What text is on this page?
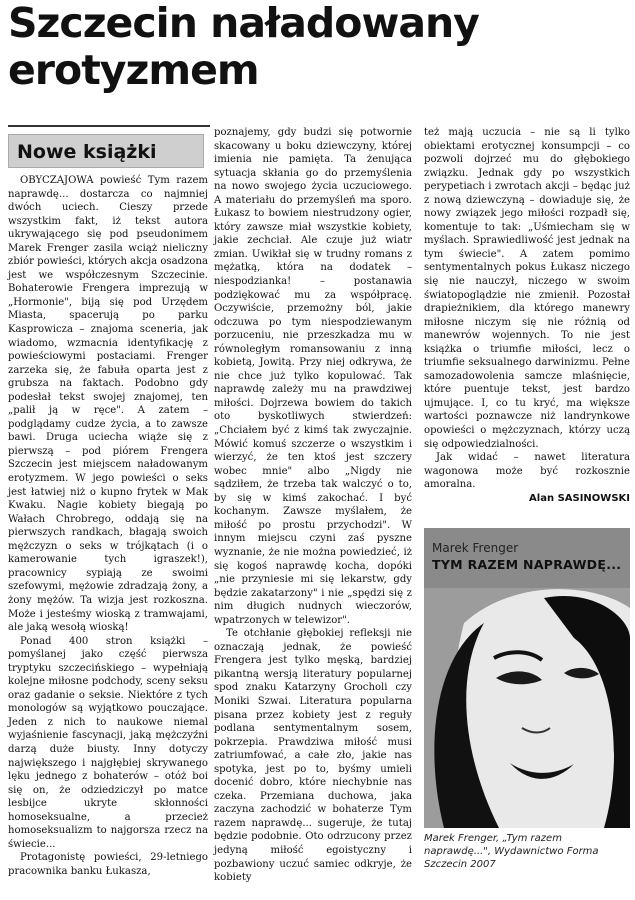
Szczecin naładowany erotyzmem
Nowe książki

OBYCZAJOWA powieść Tym razem naprawdę... dostarcza co najmniej dwóch uciech. Cieszy przede wszystkim fakt, iż tekst autora ukrywającego się pod pseudonimem Marek Frenger zasila wciąż nieliczny zbiór powieści, których akcja osadzona jest we współczesnym Szczecinie. Bohaterowie Frengera imprezują w „Hormonie", biją się pod Urzędem Miasta, spacerują po parku Kasprowicza – znajoma sceneria, jak wiadomo, wzmacnia identyfikację z powieściowymi postaciami. Frenger zarzeka się, że fabuła oparta jest z grubsza na faktach. Podobno gdy podesłał tekst swojej znajomej, ten „palił ją w ręce". A zatem – podglądamy cudze życia, a to zawsze bawi. Druga uciecha wiąże się z pierwszą – pod piórem Frengera Szczecin jest miejscem naładowanym erotyzmem. W jego powieści o seks jest łatwiej niż o kupno frytek w Mak Kwaku. Nagie kobiety biegają po Wałach Chrobrego, oddają się na pierwszych randkach, błagają swoich mężczyzn o seks w trójkątach (i o kamerowanie tych igraszek!), pracownicy sypiają ze swoimi szefowymi, mężowie zdradzają żony, a żony mężów. Ta wizja jest rozkoszna. Może i jesteśmy wioską z tramwajami, ale jaką wesołą wioską!

Ponad 400 stron książki – pomyślanej jako część pierwsza tryptyku szczecińskiego – wypełniają kolejne miłosne podchody, sceny seksu oraz gadanie o seksie. Niektóre z tych monologów są wyjątkowo pouczające. Jeden z nich to naukowe niemal wyjaśnienie fascynacji, jaką mężczyźni darzą duże biusty. Inny dotyczy największego i najgłębiej skrywanego lęku jednego z bohaterów – otóż boi się on, że odziedziczył po matce lesbijce ukryte skłonności homoseksualne, a przecież homoseksualizm to najgorsza rzecz na świecie...

Protagonistę powieści, 29-letniego pracownika banku Łukasza,

poznajemy, gdy budzi się potwornie skacowany u boku dziewczyny, której imienia nie pamięta. Ta żenująca sytuacja skłania go do przemyślenia na nowo swojego życia uczuciowego. A materiału do przemyśleń ma sporo. Łukasz to bowiem niestrudzony ogier, który zawsze miał wszystkie kobiety, jakie zechciał. Ale czuje już wiatr zmian. Uwikłał się w trudny romans z mężatką, która na dodatek – niespodzianka! – postanawia podziękować mu za współpracę. Oczywiście, przemożny ból, jakie odczuwa po tym niespodziewanym porzuceniu, nie przeszkadza mu w równoległym romansowaniu z inną kobietą, Jowitą. Przy niej odkrywa, że nie chce już tylko kopulować. Tak naprawdę zależy mu na prawdziwej miłości. Dojrzewa bowiem do takich oto byskotliwych stwierdzeń: „Chciałem być z kimś tak zwyczajnie. Mówić komuś szczerze o wszystkim i wierzyć, że ten ktoś jest szczery wobec mnie" albo „Nigdy nie sądziłem, że trzeba tak walczyć o to, by się w kimś zakochać. I być kochanym. Zawsze myślałem, że miłość po prostu przychodzi". W innym miejscu czyni zaś pyszne wyznanie, że nie można powiedzieć, iż się kogoś naprawdę kocha, dopóki „nie przyniesie mi się lekarstw, gdy będzie zakatarzony" i nie „spędzi się z nim długich nudnych wieczorów, wpatrzonych w telewizor".

Te otchłanie głębokiej refleksji nie oznaczają jednak, że powieść Frengera jest tylko męską, bardziej pikantną wersją literatury popularnej spod znaku Katarzyny Grocholi czy Moniki Szwai. Literatura popularna pisana przez kobiety jest z reguły podlana sentymentalnym sosem, pokrzepia. Prawdziwa miłość musi zatriumfować, a całe zło, jakie nas spotyka, jest po to, byśmy umieli docenić dobro, które niechybnie nas czeka. Przemiana duchowa, jaka zaczyna zachodzić w bohaterze Tym razem naprawdę... sugeruje, że tutaj będzie podobnie. Oto odrzucony przez jedyną miłość egoistyczny i pozbawiony uczuć samiec odkryje, że kobiety

też mają uczucia – nie są li tylko obiektami erotycznej konsumpcji – co pozwoli dojrzeć mu do głębokiego związku. Jednak gdy po wszystkich perypetiach i zwrotach akcji – będąc już z nową dziewczyną – dowiaduje się, że nowy związek jego miłości rozpadł się, komentuje to tak: „Uśmiecham się w myślach. Sprawiedliwość jest jednak na tym świecie". A zatem pomimo sentymentalnych pokus Łukasz niczego się nie nauczył, niczego w swoim światopoglądzie nie zmienił. Pozostał drapieżnikiem, dla którego manewry miłosne niczym się nie różnią od manewrów wojennych. To nie jest książka o triumfie miłości, lecz o triumfie seksualnego darwinizmu. Pełne samozadowolenia samcze mlaśnięcie, które puentuje tekst, jest bardzo ujmujące. I, co tu kryć, ma większe wartości poznawcze niż landrynkowe opowieści o mężczyznach, którzy uczą się odpowiedzialności.

Jak widać – nawet literatura wagonowa może być rozkosznie amoralna.

Alan SASINOWSKI

Marek Frenger
TYM RAZEM NAPRAWDĘ...
Marek Frenger, „Tym razem naprawdę...", Wydawnictwo Forma Szczecin 2007
